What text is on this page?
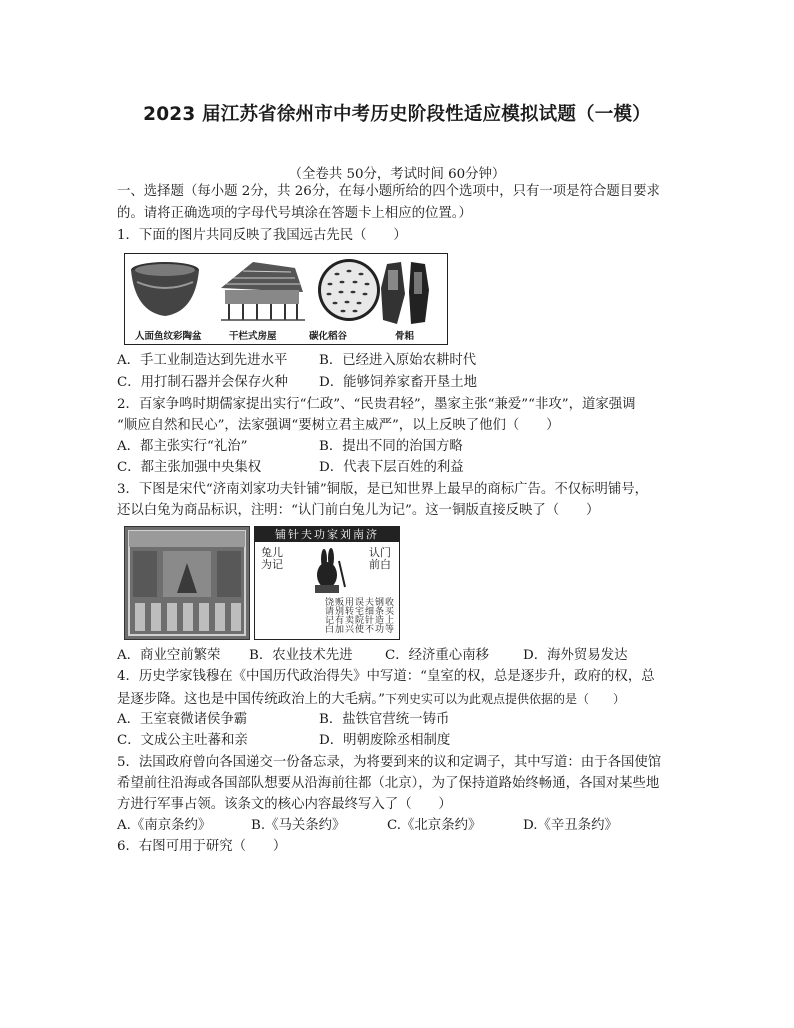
2023 届江苏省徐州市中考历史阶段性适应模拟试题（一模）
（全卷共 50分，考试时间 60分钟）
一、选择题（每小题 2分，共 26分，在每小题所给的四个选项中，只有一项是符合题目要求
的。请将正确选项的字母代号填涂在答题卡上相应的位置。）
1．下面的图片共同反映了我国远古先民（　　）
人面鱼纹彩陶盆	干栏式房屋	碳化稻谷	骨耜
A．手工业制造达到先进水平 B．已经进入原始农耕时代
C．用打制石器并会保存火种 D．能够饲养家畜开垦土地
2．百家争鸣时期儒家提出实行“仁政”、“民贵君轻”，墨家主张“兼爱”“非攻”，道家强调
“顺应自然和民心”，法家强调“要树立君主威严”，以上反映了他们（　　）
A．都主张实行“礼治”	B．提出不同的治国方略
C．都主张加强中央集权	D．代表下层百姓的利益
3．下图是宋代“济南刘家功夫针铺”铜版，是已知世界上最早的商标广告。不仅标明铺号，
还以白兔为商品标识，注明：“认门前白兔儿为记”。这一铜版直接反映了（　　）
铺针夫功家刘南济
兔儿为记
认门前白
收买上等钢条造功夫细针不误宅院使用转卖兴贩别有加饶请记白
A．商业空前繁荣 B．农业技术先进 C．经济重心南移	D．海外贸易发达
4．历史学家钱穆在《中国历代政治得失》中写道：“皇室的权，总是逐步升，政府的权，总
是逐步降。这也是中国传统政治上的大毛病。”下列史实可以为此观点提供依据的是（　　）
A．王室衰微诸侯争霸	B．盐铁官营统一铸币
C．文成公主吐蕃和亲	D．明朝废除丞相制度
5．法国政府曾向各国递交一份备忘录，为将要到来的议和定调子，其中写道：由于各国使馆
希望前往沿海或各国部队想要从沿海前往都（北京），为了保持道路始终畅通，各国对某些地
方进行军事占领。该条文的核心内容最终写入了（　　）
A.《南京条约》	B.《马关条约》	C.《北京条约》	D.《辛丑条约》
6．右图可用于研究（　　）
